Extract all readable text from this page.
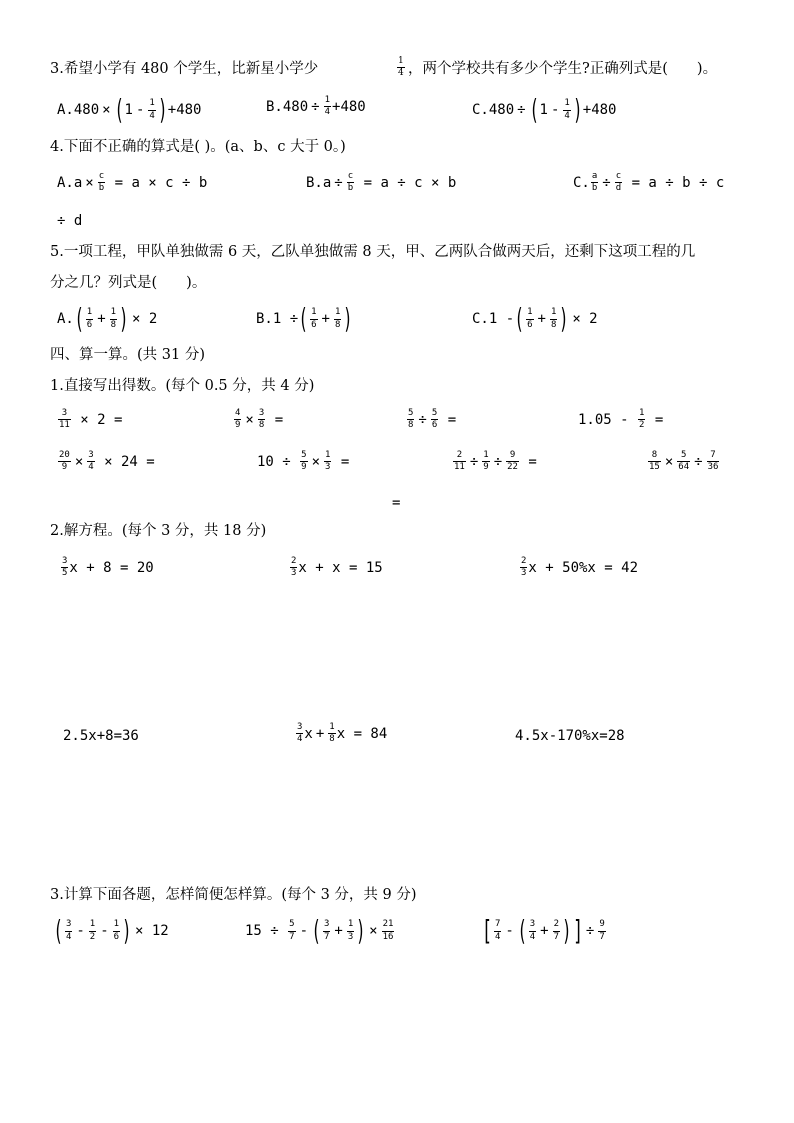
3.希望小学有 480 个学生，比新星小学少	$\frac{1}{4}$ ，两个学校共有多少个学生?正确列式是(　　)。
A.480 × ( $1 - \frac{1}{4}$ ) +480	$B.480 \div \frac{1}{4} +480$	C.480 ÷ ( $1 - \frac{1}{4}$ ) +480
4.下面不正确的算式是( )。(a、b、c 大于 0。)
$A.a \times \frac{c}{b} = a \times c \div b$	$B.a \div \frac{c}{b} = a \div c \times b$	C. $\frac{a}{b} \div \frac{c}{d} = a \div b \div c$
÷ d
5.一项工程，甲队单独做需 6 天，乙队单独做需 8 天，甲、乙两队合做两天后，还剩下这项工程的几
分之几？列式是(　　)。
$A.( \frac{1}{6} + \frac{1}{8}$ ) × 2	B.1 ÷( $\frac{1}{6} + \frac{1}{8}$ )	C.1 -( $\frac{1}{6} + \frac{1}{8}$ ) × 2
四、算一算。(共 31 分)
1.直接写出得数。(每个 0.5 分，共 4 分)
$\frac{3}{11} \times 2$ =	$\frac{4}{9} \times \frac{3}{8}$ =	$\frac{5}{8} \div \frac{5}{6}$ =	$1.05 - \frac{1}{2}$ =
$\frac{20}{9} \times \frac{3}{4} \times 24$ =	$10 \div \frac{5}{9} \times \frac{1}{3}$ =	$\frac{2}{11} \div \frac{1}{9} \div \frac{9}{22}$ =	$\frac{8}{15} \times \frac{5}{64} \div \frac{7}{36}$
=
2.解方程。(每个 3 分，共 18 分)
$\frac{3}{5}$ x + 8 = 20	$\frac{2}{3}$ x + x = 15	$\frac{2}{3}$ x + 50%x = 42
2.5x+8=36	$\frac{3}{4}$ $x + \frac{1}{8}$ x = 84	4.5x-170%x=28
3.计算下面各题，怎样简便怎样算。(每个 3 分，共 9 分)
( $\frac{3}{4} - \frac{1}{2} - \frac{1}{6}$ ) × 12	$15 \div \frac{5}{7}$ - ( $\frac{3}{7} + \frac{1}{3}$ ) × $\frac{21}{16}$	[ $\frac{7}{4}$ - ( $\frac{3}{4} + \frac{2}{7}$ ) ] ÷ $\frac{9}{7}$
